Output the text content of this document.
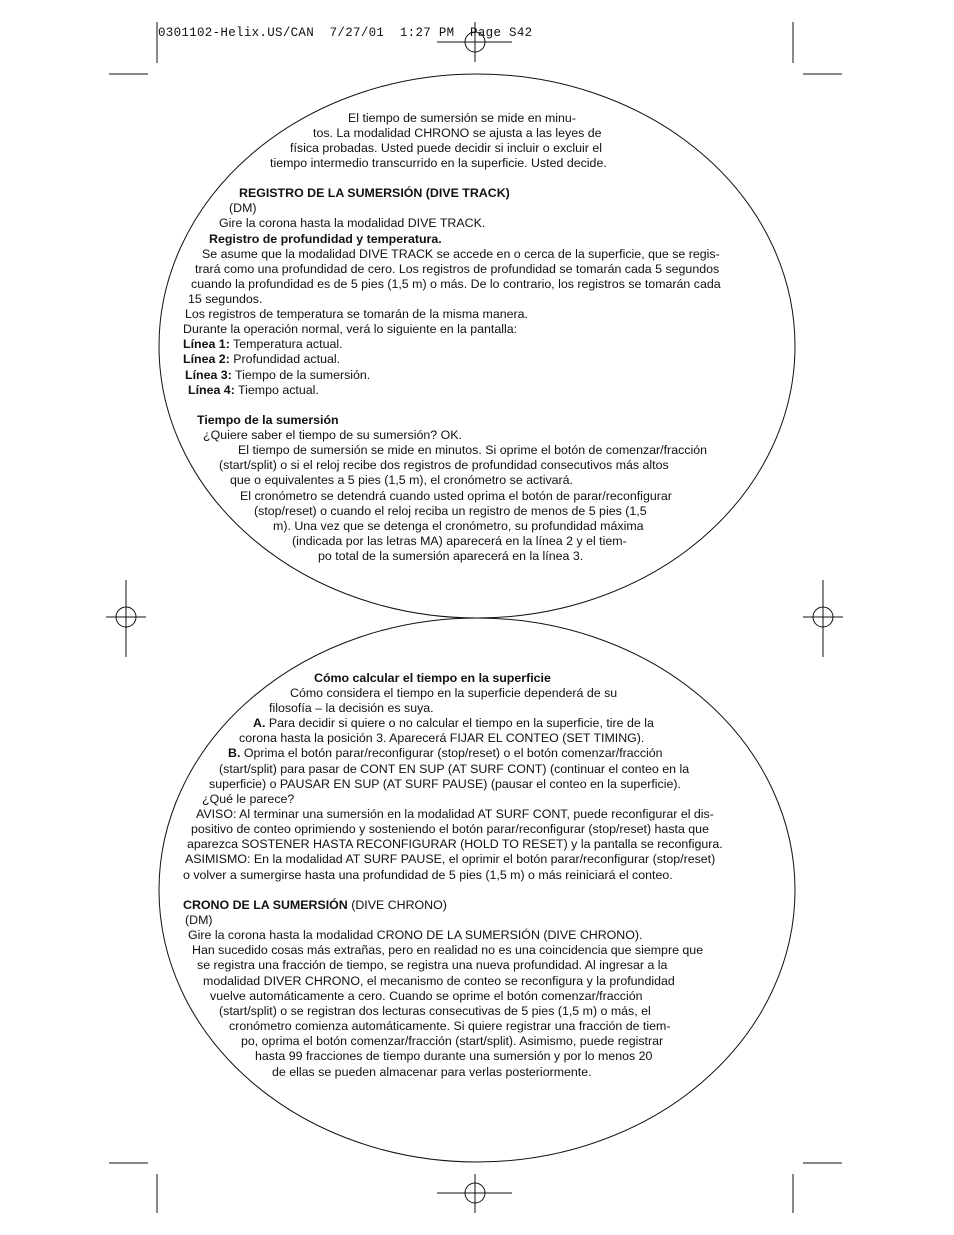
0301102-Helix.US/CAN  7/27/01  1:27 PM  Page S42
El tiempo de sumersión se mide en minu-
tos. La modalidad CHRONO se ajusta a las leyes de
física probadas. Usted puede decidir si incluir o excluir el
tiempo intermedio transcurrido en la superficie. Usted decide.
REGISTRO DE LA SUMERSIÓN (DIVE TRACK)
(DM)
Gire la corona hasta la modalidad DIVE TRACK.
Registro de profundidad y temperatura.
Se asume que la modalidad DIVE TRACK se accede en o cerca de la superficie, que se regis-
trará como una profundidad de cero. Los registros de profundidad se tomarán cada 5 segundos
cuando la profundidad es de 5 pies (1,5 m) o más. De lo contrario, los registros se tomarán cada
15 segundos.
Los registros de temperatura se tomarán de la misma manera.
Durante la operación normal, verá lo siguiente en la pantalla:
Línea 1: Temperatura actual.
Línea 2: Profundidad actual.
Línea 3: Tiempo de la sumersión.
Línea 4: Tiempo actual.
Tiempo de la sumersión
¿Quiere saber el tiempo de su sumersión? OK.
El tiempo de sumersión se mide en minutos. Si oprime el botón de comenzar/fracción
(start/split) o si el reloj recibe dos registros de profundidad consecutivos más altos
que o equivalentes a 5 pies (1,5 m), el cronómetro se activará.
El cronómetro se detendrá cuando usted oprima el botón de parar/reconfigurar
(stop/reset) o cuando el reloj reciba un registro de menos de 5 pies (1,5
m). Una vez que se detenga el cronómetro, su profundidad máxima
(indicada por las letras MA) aparecerá en la línea 2 y el tiem-
po total de la sumersión aparecerá en la línea 3.
Cómo calcular el tiempo en la superficie
Cómo considera el tiempo en la superficie dependerá de su
filosofía – la decisión es suya.
A. Para decidir si quiere o no calcular el tiempo en la superficie, tire de la
corona hasta la posición 3. Aparecerá FIJAR EL CONTEO (SET TIMING).
B. Oprima el botón parar/reconfigurar (stop/reset) o el botón comenzar/fracción
(start/split) para pasar de CONT EN SUP (AT SURF CONT) (continuar el conteo en la
superficie) o PAUSAR EN SUP (AT SURF PAUSE) (pausar el conteo en la superficie).
¿Qué le parece?
AVISO: Al terminar una sumersión en la modalidad AT SURF CONT, puede reconfigurar el dis-
positivo de conteo oprimiendo y sosteniendo el botón parar/reconfigurar (stop/reset) hasta que
aparezca SOSTENER HASTA RECONFIGURAR (HOLD TO RESET) y la pantalla se reconfigura.
ASIMISMO: En la modalidad AT SURF PAUSE, el oprimir el botón parar/reconfigurar (stop/reset)
o volver a sumergirse hasta una profundidad de 5 pies (1,5 m) o más reiniciará el conteo.
CRONO DE LA SUMERSIÓN (DIVE CHRONO)
(DM)
Gire la corona hasta la modalidad CRONO DE LA SUMERSIÓN (DIVE CHRONO).
Han sucedido cosas más extrañas, pero en realidad no es una coincidencia que siempre que
se registra una fracción de tiempo, se registra una nueva profundidad. Al ingresar a la
modalidad DIVER CHRONO, el mecanismo de conteo se reconfigura y la profundidad
vuelve automáticamente a cero. Cuando se oprime el botón comenzar/fracción
(start/split) o se registran dos lecturas consecutivas de 5 pies (1,5 m) o más, el
cronómetro comienza automáticamente. Si quiere registrar una fracción de tiem-
po, oprima el botón comenzar/fracción (start/split). Asimismo, puede registrar
hasta 99 fracciones de tiempo durante una sumersión y por lo menos 20
de ellas se pueden almacenar para verlas posteriormente.
